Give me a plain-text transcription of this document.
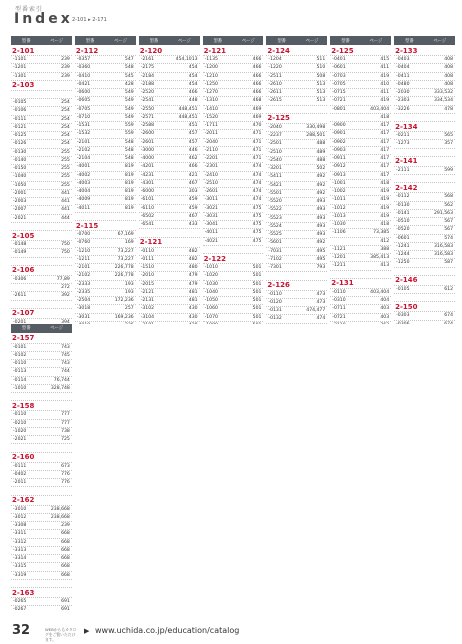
型番索引
Index 2-101 ▸ 2-171
型番	ページ
2-101
-1101	239
-1201	239
-1301	239
2-103
-0105	254
-0106	254
-0111	254
-0121	254
-0125	254
-0126	254
-0130	255
-0140	255
-0150	255
-1040	255
-1050	255
-2001	441
-2003	441
-2007	441
-2021	444
2-105
-0148	750
-0149	750
2-106
-0306	77,89
272
-2611	392
2-107
-0201	394
型番	ページ
2-112
-0357	547
-0360	548
-0410	545
-0421	428
-0600	549
-0605	549
-0705	549
-0710	549
-1531	559
-1532	559
-2101	548
-2102	548
-2104	548
-4001	819
-4002	819
-4003	819
-4004	819
-4009	819
-4011	819
2-115
-0700	67,169
-0760	169
-1210	73,227
-1211	73,227
-2101	226,778
-2102	226,778
-2333	193
-2335	193
-2504	172,236
-3018	257
-3031	169,236
型番	ページ
2-120
-2161	454,1013
-2175	454
-2184	454
-2188	454
-2520	466
-2541	448
-2550	448,451
-2571	448,451
-2588	451
-2600	457
-2601	457
-3000	446
-4000	462
-4201	466
-4231	421
-4301	467
-6000	303
-6101	459
-6110	459
-6502	467
-6541	433
2-121
-0110	482
-0111	482
-1510	480
-2010	479
-2015	479
-2121	481
-2131	481
-3102	430
-3104	430
型番	ページ
2-121
-1135	466
-1200	466
-1210	466
-1250	466
-1270	466
-1310	468
-1410	469
-1520	469
-1711	470
-2011	471
-2040	471
-2110	471
-2201	471
-2301	474
-2410	474
-2510	474
-2601	474
-3011	474
-3021	475
-3031	475
-3041	475
-4011	475
-4021	475
2-122
-1010	501
-1020	501
-1030	501
-1040	501
-1050	501
-1060	501
-1070	501
型番	ページ
2-124
-1204	511
-1220	510
-2511	508
-2610	513
-2611	513
-2615	513
2-125
-2040	330,498
-2237	288,501
-2501	488
-2510	489
-2540	488
-3201	502
-5411	492
-5421	492
-5501	492
-5520	493
-5522	493
-5523	493
-5524	493
-5525	493
-5601	492
-7031	495
-7102	495
-7301	793
2-126
-0110	473
-0120	473
-0131	474,477
-0132	474
型番	ページ
2-125
-0401	415
-0601	411
-0703	419
-0705	410
-0715	411
-0721	419
-0801	403,404
418
-0900	417
-0901	417
-0902	417
-0903	417
-0911	417
-0912	417
-0913	417
-1001	418
-1002	419
-1011	419
-1012	419
-1013	419
-1030	418
-1106	73,385
412
-1121	388
-1201	385,413
-1211	413
2-131
-0110	403,404
-0310	404
-0711	403
-0721	403
型番	ページ
2-133
-0403	408
-0404	408
-0411	408
-0480	408
-2030	333,532
-2303	334,534
-3226	478
2-134
-0211	565
-1273	357
2-141
-2111	599
2-142
-0112	568
-0130	562
-0141	291,563
-0510	567
-0520	567
-0601	574
-1241	316,583
-1244	316,583
-1250	587
2-146
-0105	612
2-150
-0303	674
型番	ページ
2-157
-0101	743
-0102	745
-0110	743
-0113	744
-0114	76,744
-1010	328,748
2-158
-0110	777
-0210	777
-1020	738
-2021	725
2-160
-0111	673
-0402	776
-2011	776
2-162
-3010	238,668
-3012	238,668
-3308	239
-3311	668
-3312	668
-3313	668
-3314	668
-3315	668
-3319	668
2-163
-0265	691
-0267	691
32	WEBからもカタログをご覧いただけます。
▶ www.uchida.co.jp/education/catalog
